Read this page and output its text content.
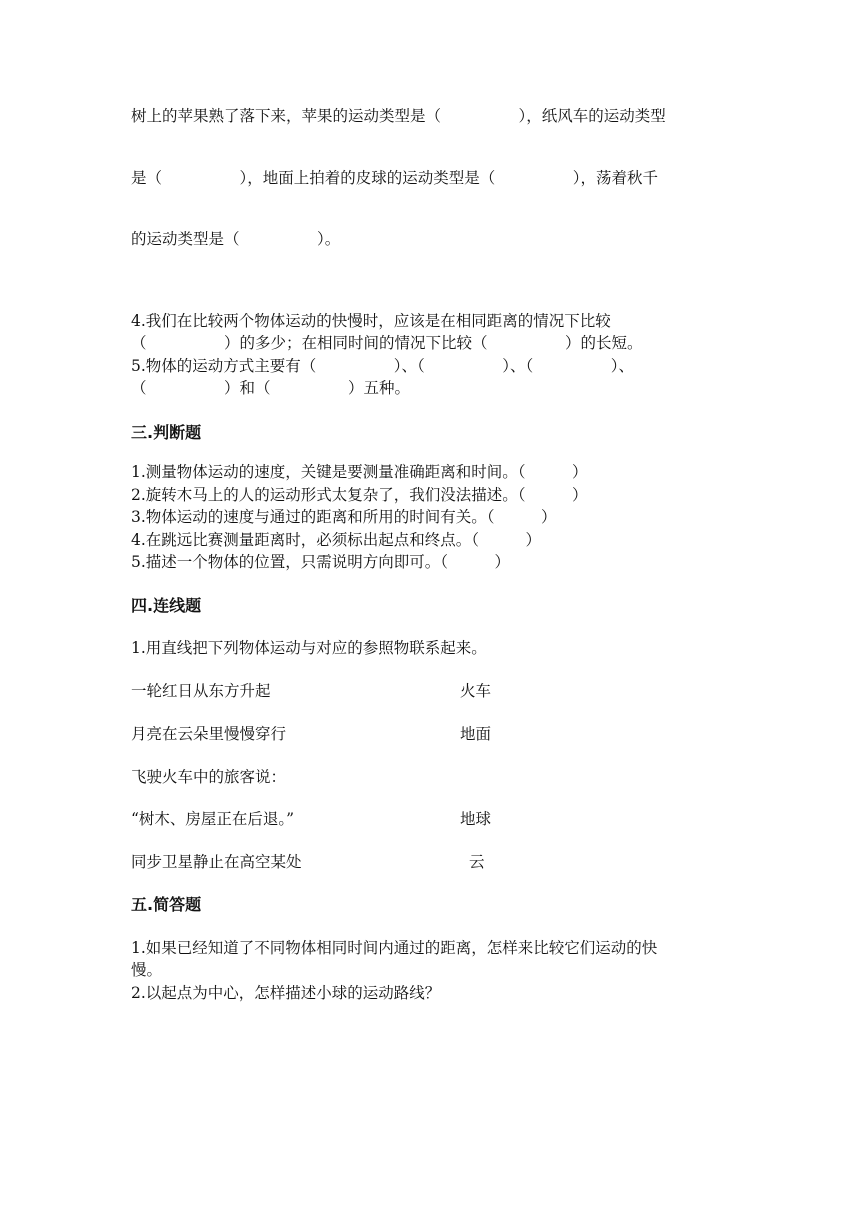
树上的苹果熟了落下来，苹果的运动类型是（　　　　　），纸风车的运动类型
是（　　　　　），地面上拍着的皮球的运动类型是（　　　　　），荡着秋千
的运动类型是（　　　　　）。
4.我们在比较两个物体运动的快慢时，应该是在相同距离的情况下比较
（　　　　　）的多少；在相同时间的情况下比较（　　　　　）的长短。
5.物体的运动方式主要有（　　　　　）、（　　　　　）、（　　　　　）、
（　　　　　）和（　　　　　）五种。
三.判断题
1.测量物体运动的速度，关键是要测量准确距离和时间。（　　　）
2.旋转木马上的人的运动形式太复杂了，我们没法描述。（　　　）
3.物体运动的速度与通过的距离和所用的时间有关。（　　　）
4.在跳远比赛测量距离时，必须标出起点和终点。（　　　）
5.描述一个物体的位置，只需说明方向即可。（　　　）
四.连线题
1.用直线把下列物体运动与对应的参照物联系起来。
一轮红日从东方升起	火车
月亮在云朵里慢慢穿行	地面
飞驶火车中的旅客说：
“树木、房屋正在后退。”	地球
同步卫星静止在高空某处	云
五.简答题
1.如果已经知道了不同物体相同时间内通过的距离，怎样来比较它们运动的快
慢。
2.以起点为中心，怎样描述小球的运动路线？
